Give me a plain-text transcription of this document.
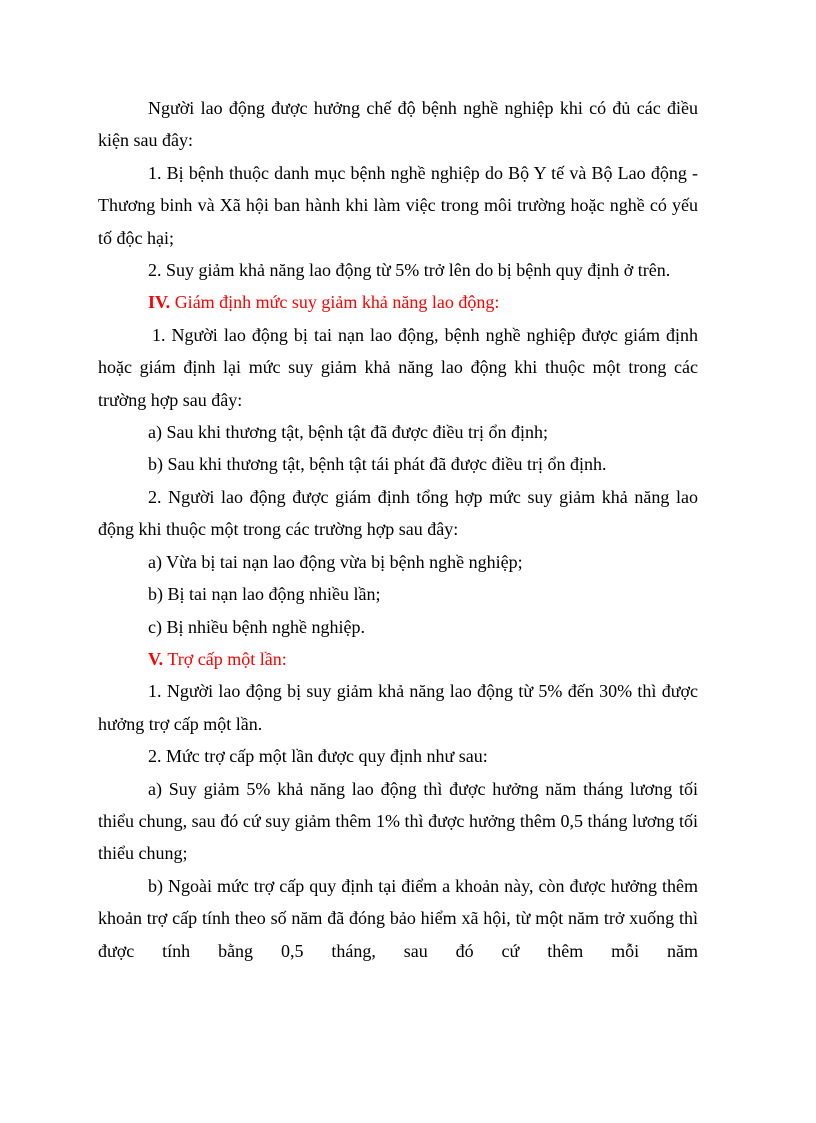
Người lao động được hưởng chế độ bệnh nghề nghiệp khi có đủ các điều kiện sau đây:

1. Bị bệnh thuộc danh mục bệnh nghề nghiệp do Bộ Y tế và Bộ Lao động - Thương binh và Xã hội ban hành khi làm việc trong môi trường hoặc nghề có yếu tố độc hại;

2. Suy giảm khả năng lao động từ 5% trở lên do bị bệnh quy định ở trên.

IV. Giám định mức suy giảm khả năng lao động:

1. Người lao động bị tai nạn lao động, bệnh nghề nghiệp được giám định hoặc giám định lại mức suy giảm khả năng lao động khi thuộc một trong các trường hợp sau đây:

a) Sau khi thương tật, bệnh tật đã được điều trị ổn định;

b) Sau khi thương tật, bệnh tật tái phát đã được điều trị ổn định.

2. Người lao động được giám định tổng hợp mức suy giảm khả năng lao động khi thuộc một trong các trường hợp sau đây:

a) Vừa bị tai nạn lao động vừa bị bệnh nghề nghiệp;

b) Bị tai nạn lao động nhiều lần;

c) Bị nhiều bệnh nghề nghiệp.

V. Trợ cấp một lần:

1. Người lao động bị suy giảm khả năng lao động từ 5% đến 30% thì được hưởng trợ cấp một lần.

2. Mức trợ cấp một lần được quy định như sau:

a) Suy giảm 5% khả năng lao động thì được hưởng năm tháng lương tối thiểu chung, sau đó cứ suy giảm thêm 1% thì được hưởng thêm 0,5 tháng lương tối thiểu chung;

b) Ngoài mức trợ cấp quy định tại điểm a khoản này, còn được hưởng thêm khoản trợ cấp tính theo số năm đã đóng bảo hiểm xã hội, từ một năm trở xuống thì được tính bằng 0,5 tháng, sau đó cứ thêm mỗi năm
